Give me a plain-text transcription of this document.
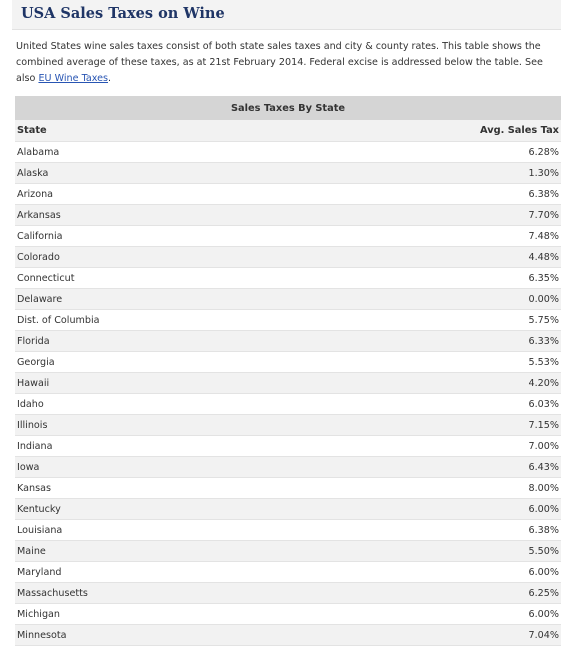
USA Sales Taxes on Wine

United States wine sales taxes consist of both state sales taxes and city & county rates. This table shows the combined average of these taxes, as at 21st February 2014. Federal excise is addressed below the table. See also EU Wine Taxes.

Sales Taxes By State	
State	Avg. Sales Tax
Alabama	6.28%
Alaska	1.30%
Arizona	6.38%
Arkansas	7.70%
California	7.48%
Colorado	4.48%
Connecticut	6.35%
Delaware	0.00%
Dist. of Columbia	5.75%
Florida	6.33%
Georgia	5.53%
Hawaii	4.20%
Idaho	6.03%
Illinois	7.15%
Indiana	7.00%
Iowa	6.43%
Kansas	8.00%
Kentucky	6.00%
Louisiana	6.38%
Maine	5.50%
Maryland	6.00%
Massachusetts	6.25%
Michigan	6.00%
Minnesota	7.04%
